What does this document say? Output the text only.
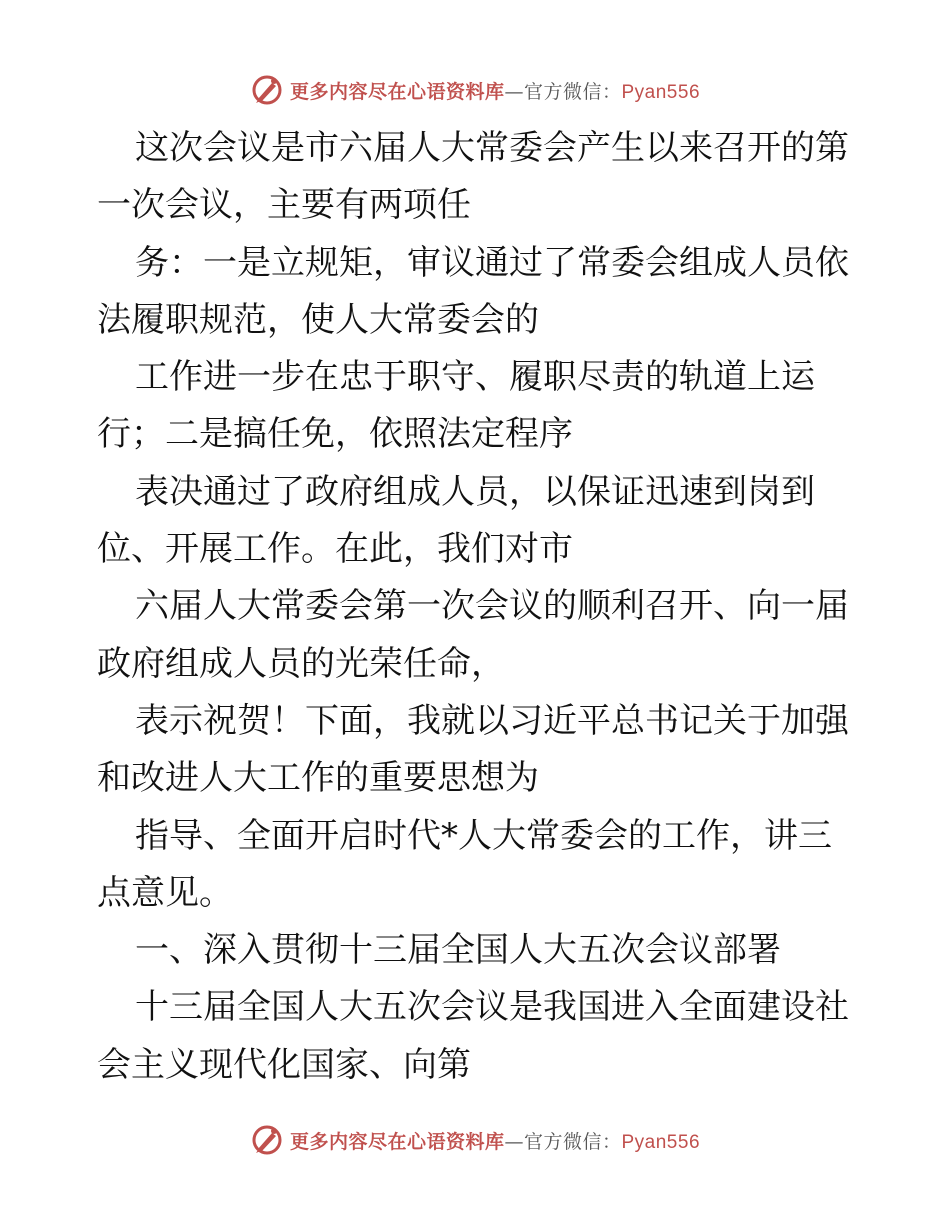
更多内容尽在心语资料库—官方微信：Pyan556
这次会议是市六届人大常委会产生以来召开的第
一次会议，主要有两项任
务：一是立规矩，审议通过了常委会组成人员依
法履职规范，使人大常委会的
工作进一步在忠于职守、履职尽责的轨道上运
行；二是搞任免，依照法定程序
表决通过了政府组成人员，以保证迅速到岗到
位、开展工作。在此，我们对市
六届人大常委会第一次会议的顺利召开、向一届
政府组成人员的光荣任命，
表示祝贺！下面，我就以习近平总书记关于加强
和改进人大工作的重要思想为
指导、全面开启时代*人大常委会的工作，讲三
点意见。
一、深入贯彻十三届全国人大五次会议部署
十三届全国人大五次会议是我国进入全面建设社
会主义现代化国家、向第
更多内容尽在心语资料库—官方微信：Pyan556
